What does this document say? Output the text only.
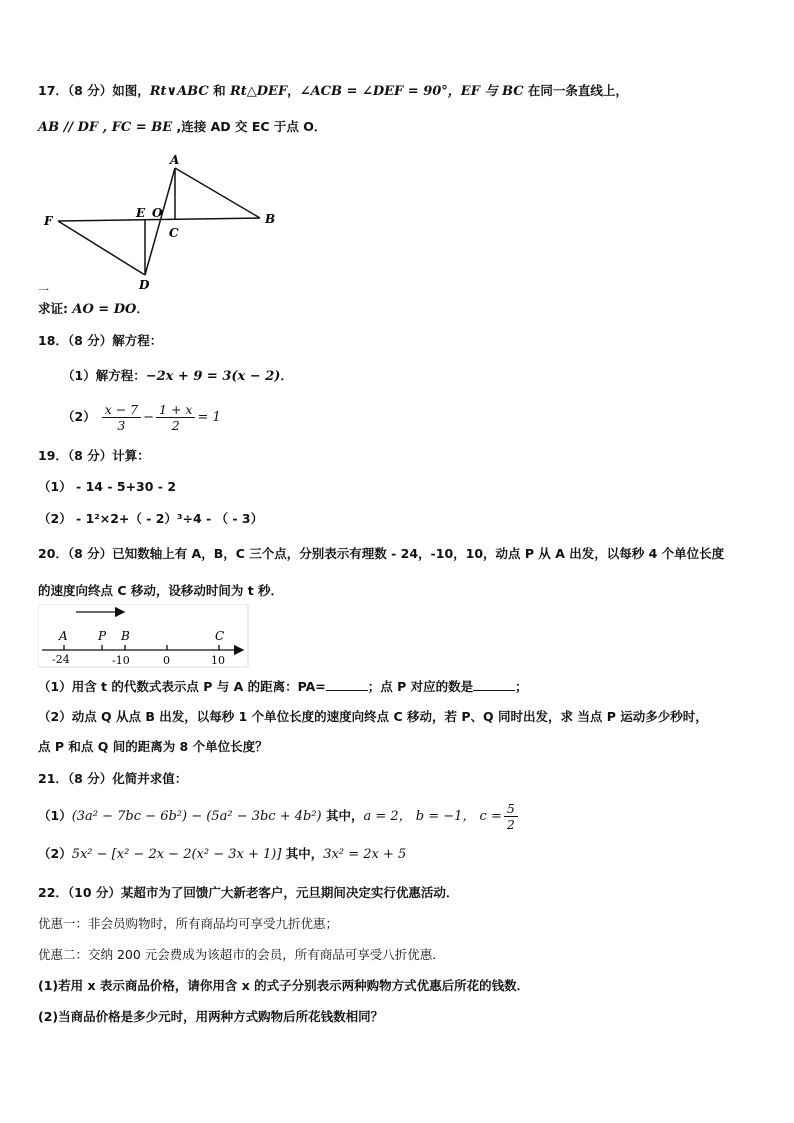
17．（8 分）如图，Rt∨ABC 和 Rt△DEF，∠ACB = ∠DEF = 90°，EF 与 BC 在同一条直线上，
AB // DF , FC = BE ,连接 AD 交 EC 于点 O．
A
B
C
D
E
F
O
一
求证: AO = DO．
18．（8 分）解方程：
（1）解方程：−2x + 9 = 3(x − 2)．
$(2) \frac{x - 7}{3} - \frac{1 + x}{2} = 1$
19．（8 分）计算：
（1） - 14 - 5+30 - 2
（2） - 1²×2+（ - 2）³÷4 - （ - 3）
20．（8 分）已知数轴上有 A，B，C 三个点，分别表示有理数 - 24，-10，10，动点 P 从 A 出发，以每秒 4 个单位长度
的速度向终点 C 移动，设移动时间为 t 秒．
A	P B	C
-24	-10	0	10
（1）用含 t 的代数式表示点 P 与 A 的距离：PA=	；点 P 对应的数是	；
（2）动点 Q 从点 B 出发，以每秒 1 个单位长度的速度向终点 C 移动，若 P、Q 同时出发，求 当点 P 运动多少秒时，
点 P 和点 Q 间的距离为 8 个单位长度？
21．（8 分）化简并求值：
（1）(3a² − 7bc − 6b²) − (5a² − 3bc + 4b²) 其中，a = 2， b = −1， $c = \frac{5}{2}$
（2）5x² − [x² − 2x − 2(x² − 3x + 1)] 其中，3x² = 2x + 5
22．（10 分）某超市为了回馈广大新老客户，元旦期间决定实行优惠活动．
优惠一：非会员购物时，所有商品均可享受九折优惠；
优惠二：交纳 200 元会费成为该超市的会员，所有商品可享受八折优惠．
(1)若用 x 表示商品价格，请你用含 x 的式子分别表示两种购物方式优惠后所花的钱数．
(2)当商品价格是多少元时，用两种方式购物后所花钱数相同？
